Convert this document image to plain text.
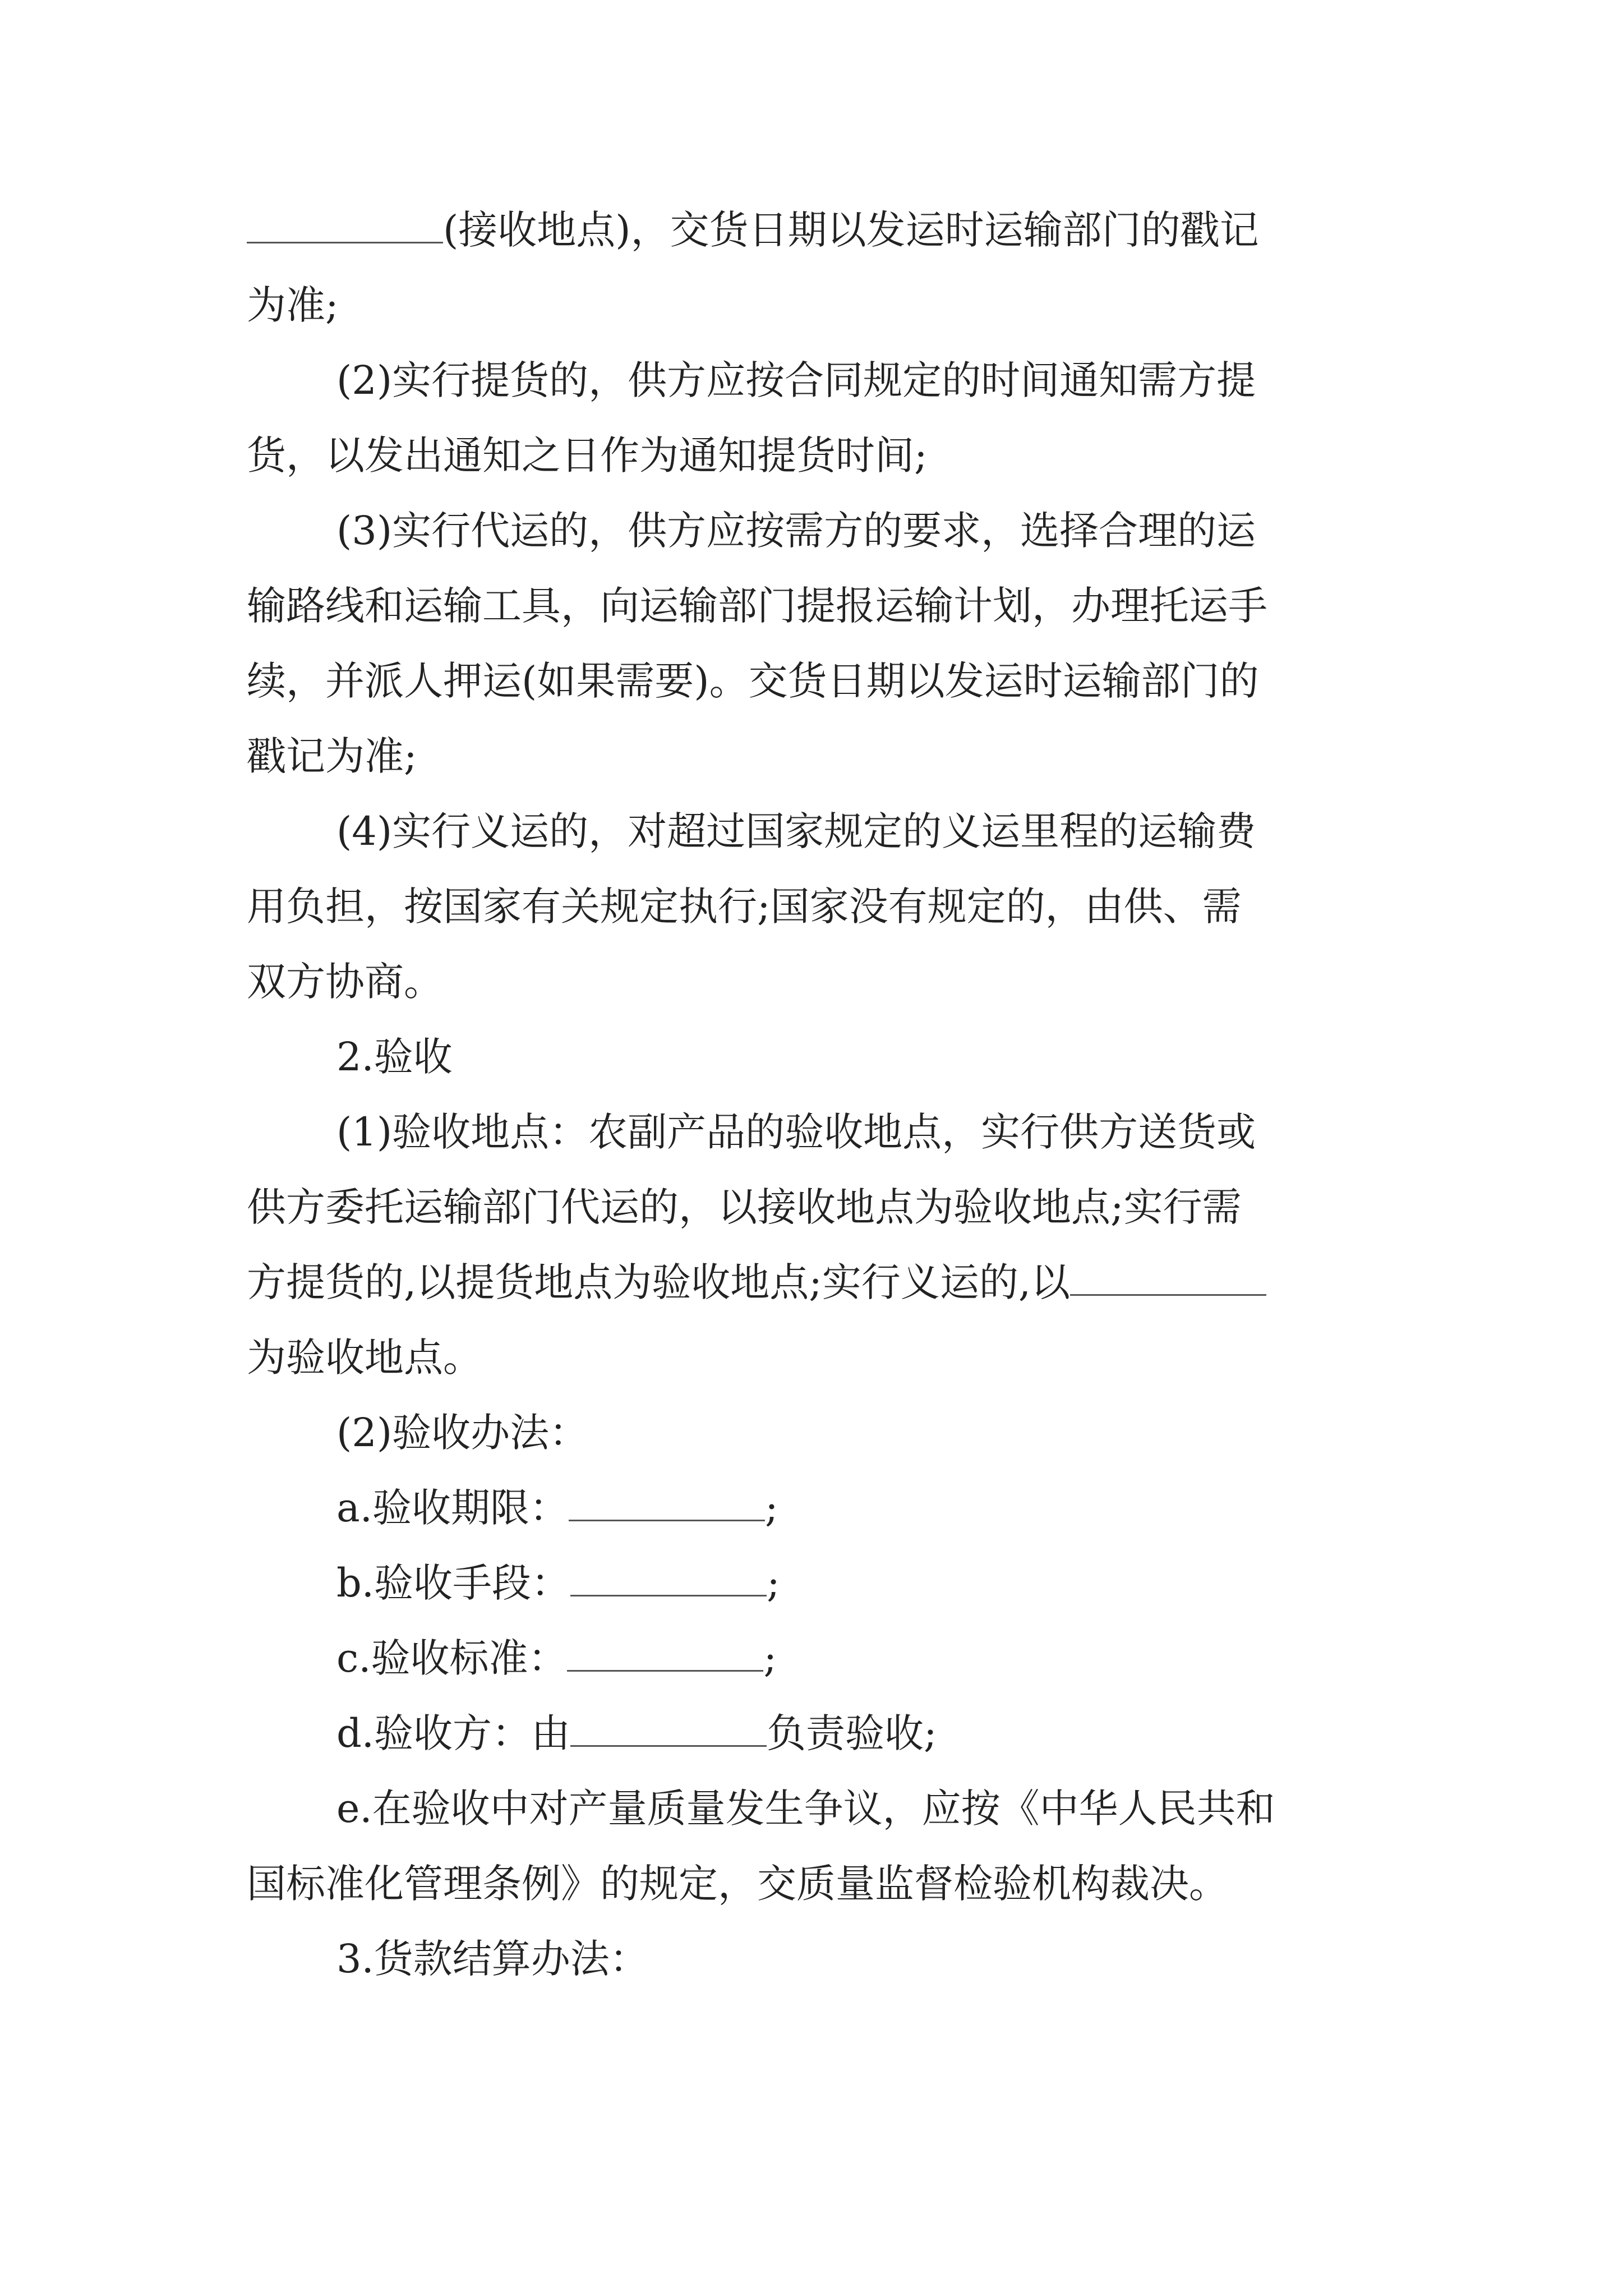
(接收地点)，交货日期以发运时运输部门的戳记
为准;
(2)实行提货的，供方应按合同规定的时间通知需方提
货，以发出通知之日作为通知提货时间;
(3)实行代运的，供方应按需方的要求，选择合理的运
输路线和运输工具，向运输部门提报运输计划，办理托运手
续，并派人押运(如果需要)。交货日期以发运时运输部门的
戳记为准;
(4)实行义运的，对超过国家规定的义运里程的运输费
用负担，按国家有关规定执行;国家没有规定的，由供、需
双方协商。
2.验收
(1)验收地点：农副产品的验收地点，实行供方送货或
供方委托运输部门代运的，以接收地点为验收地点;实行需
方提货的,以提货地点为验收地点;实行义运的,以
为验收地点。
(2)验收办法：
a.验收期限：	;
b.验收手段：	;
c.验收标准：	;
d.验收方：由	负责验收;
e.在验收中对产量质量发生争议，应按《中华人民共和
国标准化管理条例》的规定，交质量监督检验机构裁决。
3.货款结算办法：
